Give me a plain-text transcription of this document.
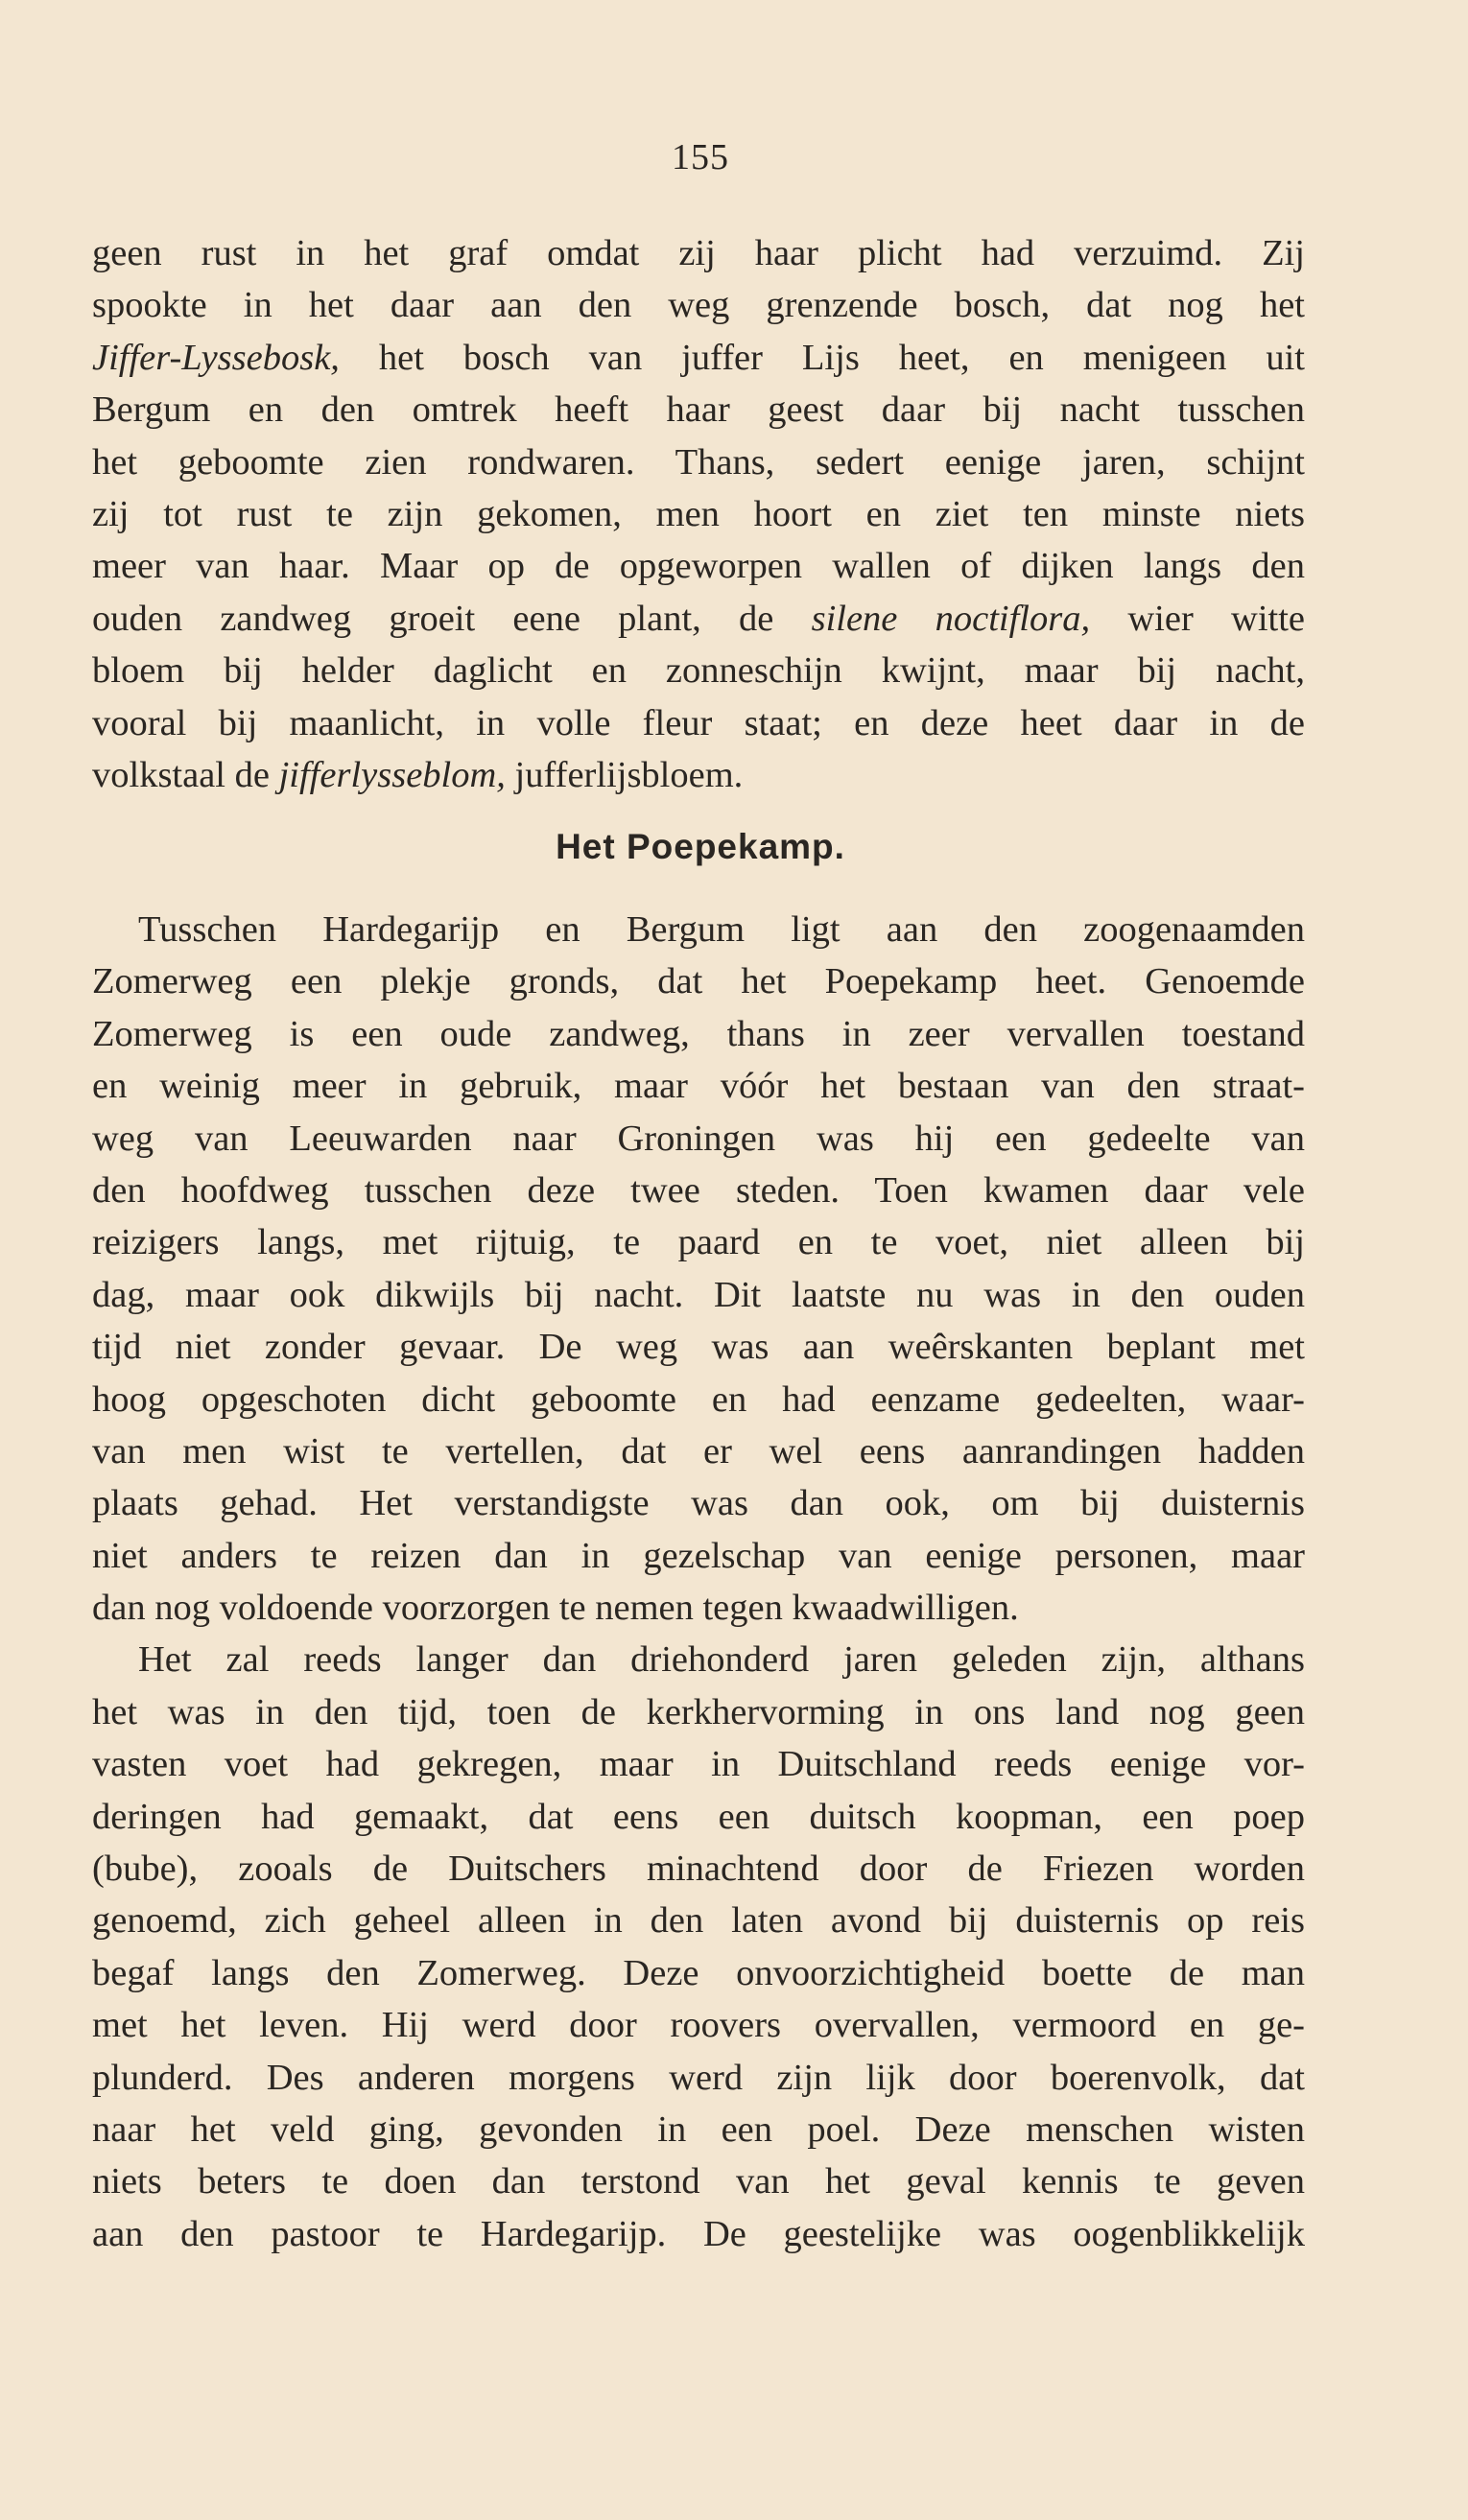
155
geen rust in het graf omdat zij haar plicht had verzuimd. Zij
spookte in het daar aan den weg grenzende bosch, dat nog het
Jiffer-Lyssebosk, het bosch van juffer Lijs heet, en menigeen uit
Bergum en den omtrek heeft haar geest daar bij nacht tusschen
het geboomte zien rondwaren. Thans, sedert eenige jaren, schijnt
zij tot rust te zijn gekomen, men hoort en ziet ten minste niets
meer van haar. Maar op de opgeworpen wallen of dijken langs den
ouden zandweg groeit eene plant, de silene noctiflora, wier witte
bloem bij helder daglicht en zonneschijn kwijnt, maar bij nacht,
vooral bij maanlicht, in volle fleur staat; en deze heet daar in de
volkstaal de jifferlysseblom, jufferlijsbloem.
Het Poepekamp.
Tusschen Hardegarijp en Bergum ligt aan den zoogenaamden
Zomerweg een plekje gronds, dat het Poepekamp heet. Genoemde
Zomerweg is een oude zandweg, thans in zeer vervallen toestand
en weinig meer in gebruik, maar vóór het bestaan van den straat-
weg van Leeuwarden naar Groningen was hij een gedeelte van
den hoofdweg tusschen deze twee steden. Toen kwamen daar vele
reizigers langs, met rijtuig, te paard en te voet, niet alleen bij
dag, maar ook dikwijls bij nacht. Dit laatste nu was in den ouden
tijd niet zonder gevaar. De weg was aan weêrskanten beplant met
hoog opgeschoten dicht geboomte en had eenzame gedeelten, waar-
van men wist te vertellen, dat er wel eens aanrandingen hadden
plaats gehad. Het verstandigste was dan ook, om bij duisternis
niet anders te reizen dan in gezelschap van eenige personen, maar
dan nog voldoende voorzorgen te nemen tegen kwaadwilligen.
Het zal reeds langer dan driehonderd jaren geleden zijn, althans
het was in den tijd, toen de kerkhervorming in ons land nog geen
vasten voet had gekregen, maar in Duitschland reeds eenige vor-
deringen had gemaakt, dat eens een duitsch koopman, een poep
(bube), zooals de Duitschers minachtend door de Friezen worden
genoemd, zich geheel alleen in den laten avond bij duisternis op reis
begaf langs den Zomerweg. Deze onvoorzichtigheid boette de man
met het leven. Hij werd door roovers overvallen, vermoord en ge-
plunderd. Des anderen morgens werd zijn lijk door boerenvolk, dat
naar het veld ging, gevonden in een poel. Deze menschen wisten
niets beters te doen dan terstond van het geval kennis te geven
aan den pastoor te Hardegarijp. De geestelijke was oogenblikkelijk
